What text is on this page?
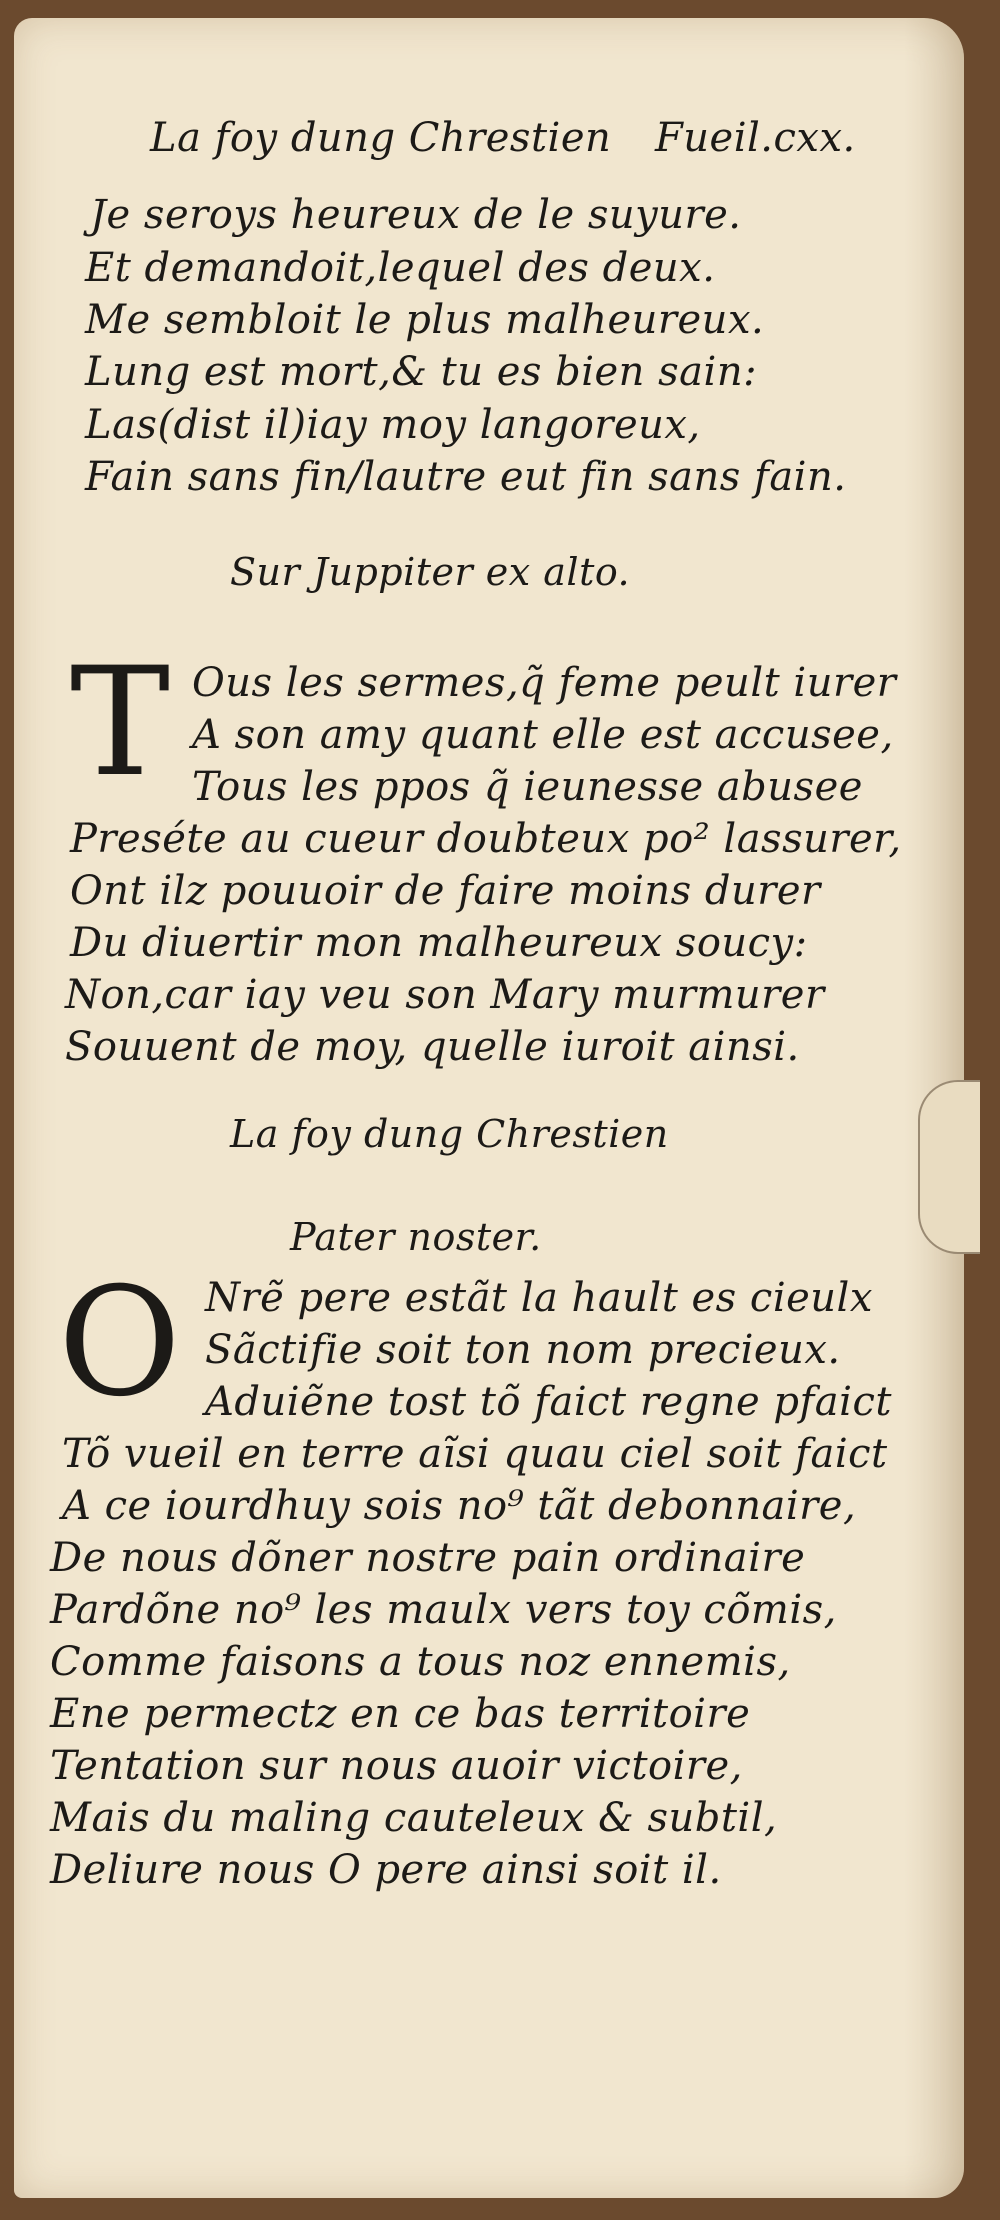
La foy dung Chrestien Fueil.cxx.
Je seroys heureux de le suyure.
Et demandoit,lequel des deux.
Me sembloit le plus malheureux.
Lung est mort,& tu es bien sain:
Las(dist il)iay moy langoreux,
Fain sans fin/lautre eut fin sans fain.
Sur Juppiter ex alto.
T Ous les sermes,q̃ feme peult iurer
A son amy quant elle est accusee,
Tous les ppos q̃ ieunesse abusee
Preséte au cueur doubteux po² lassurer,
Ont ilz pouuoir de faire moins durer
Du diuertir mon malheureux soucy:
Non,car iay veu son Mary murmurer
Souuent de moy, quelle iuroit ainsi.
La foy dung Chrestien
Pater noster.
O Nrẽ pere estãt la hault es cieulx
Sãctifie soit ton nom precieux.
Aduiẽne tost tõ faict regne pfaict
Tõ vueil en terre aĩsi quau ciel soit faict
A ce iourdhuy sois no⁹ tãt debonnaire,
De nous dõner nostre pain ordinaire
Pardõne no⁹ les maulx vers toy cõmis,
Comme faisons a tous noz ennemis,
Ene permectz en ce bas territoire
Tentation sur nous auoir victoire,
Mais du maling cauteleux & subtil,
Deliure nous O pere ainsi soit il.
